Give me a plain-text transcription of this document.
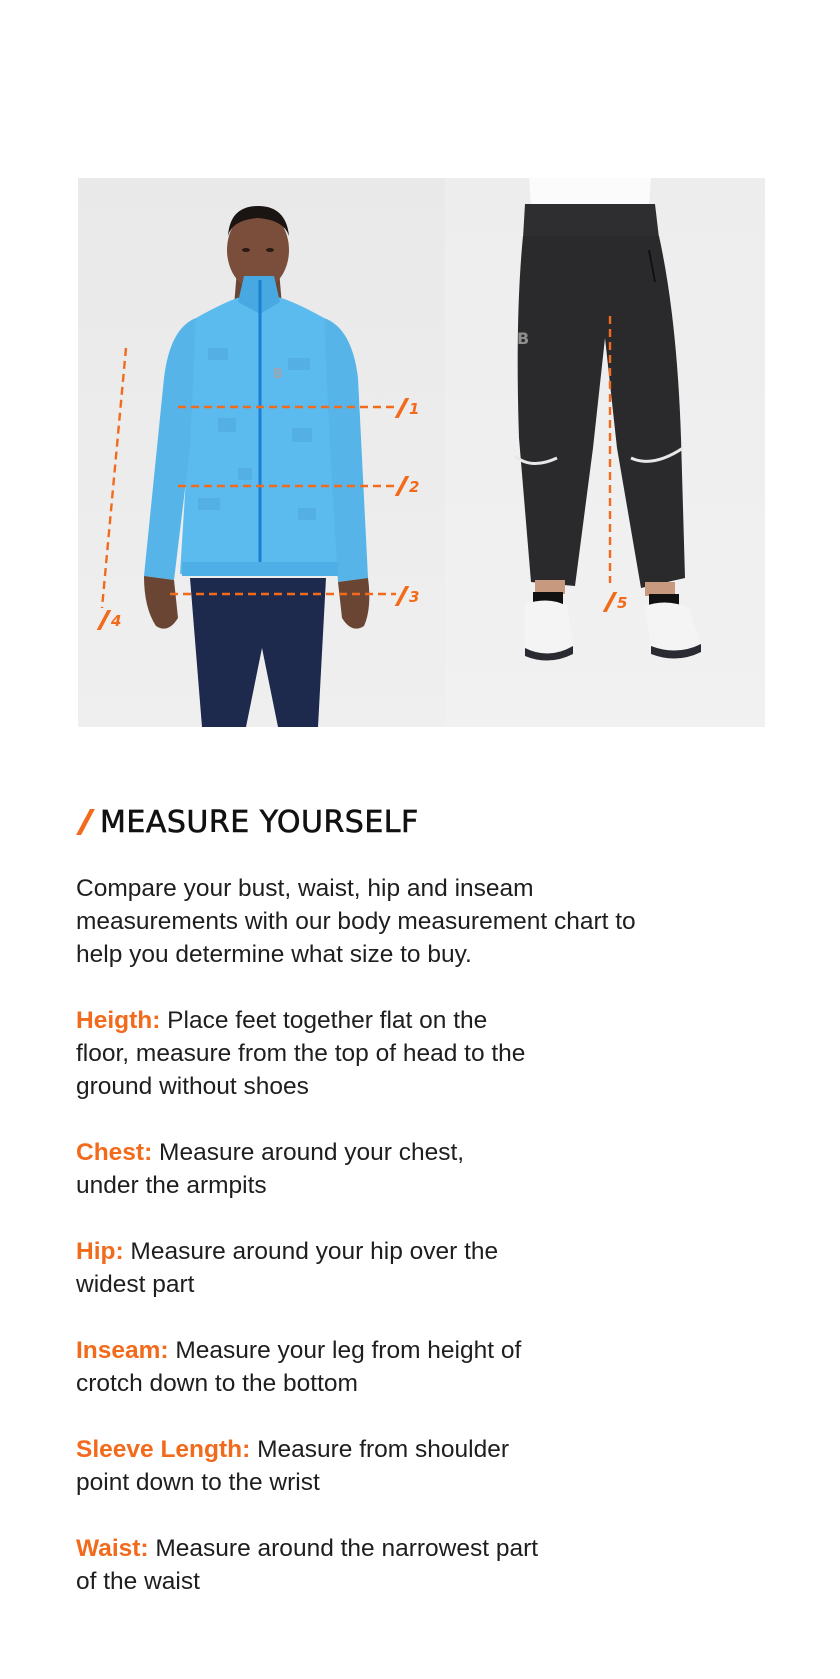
B
B
1
2
3
4
5
MEASURE YOURSELF

Compare your bust, waist, hip and inseam measurements with our body measurement chart to help you determine what size to buy.

Heigth: Place feet together flat on the floor, measure from the top of head to the ground without shoes

Chest: Measure around your chest, under the armpits

Hip: Measure around your hip over the widest part

Inseam: Measure your leg from height of crotch down to the bottom

Sleeve Length: Measure from shoulder point down to the wrist

Waist: Measure around the narrowest part of the waist
